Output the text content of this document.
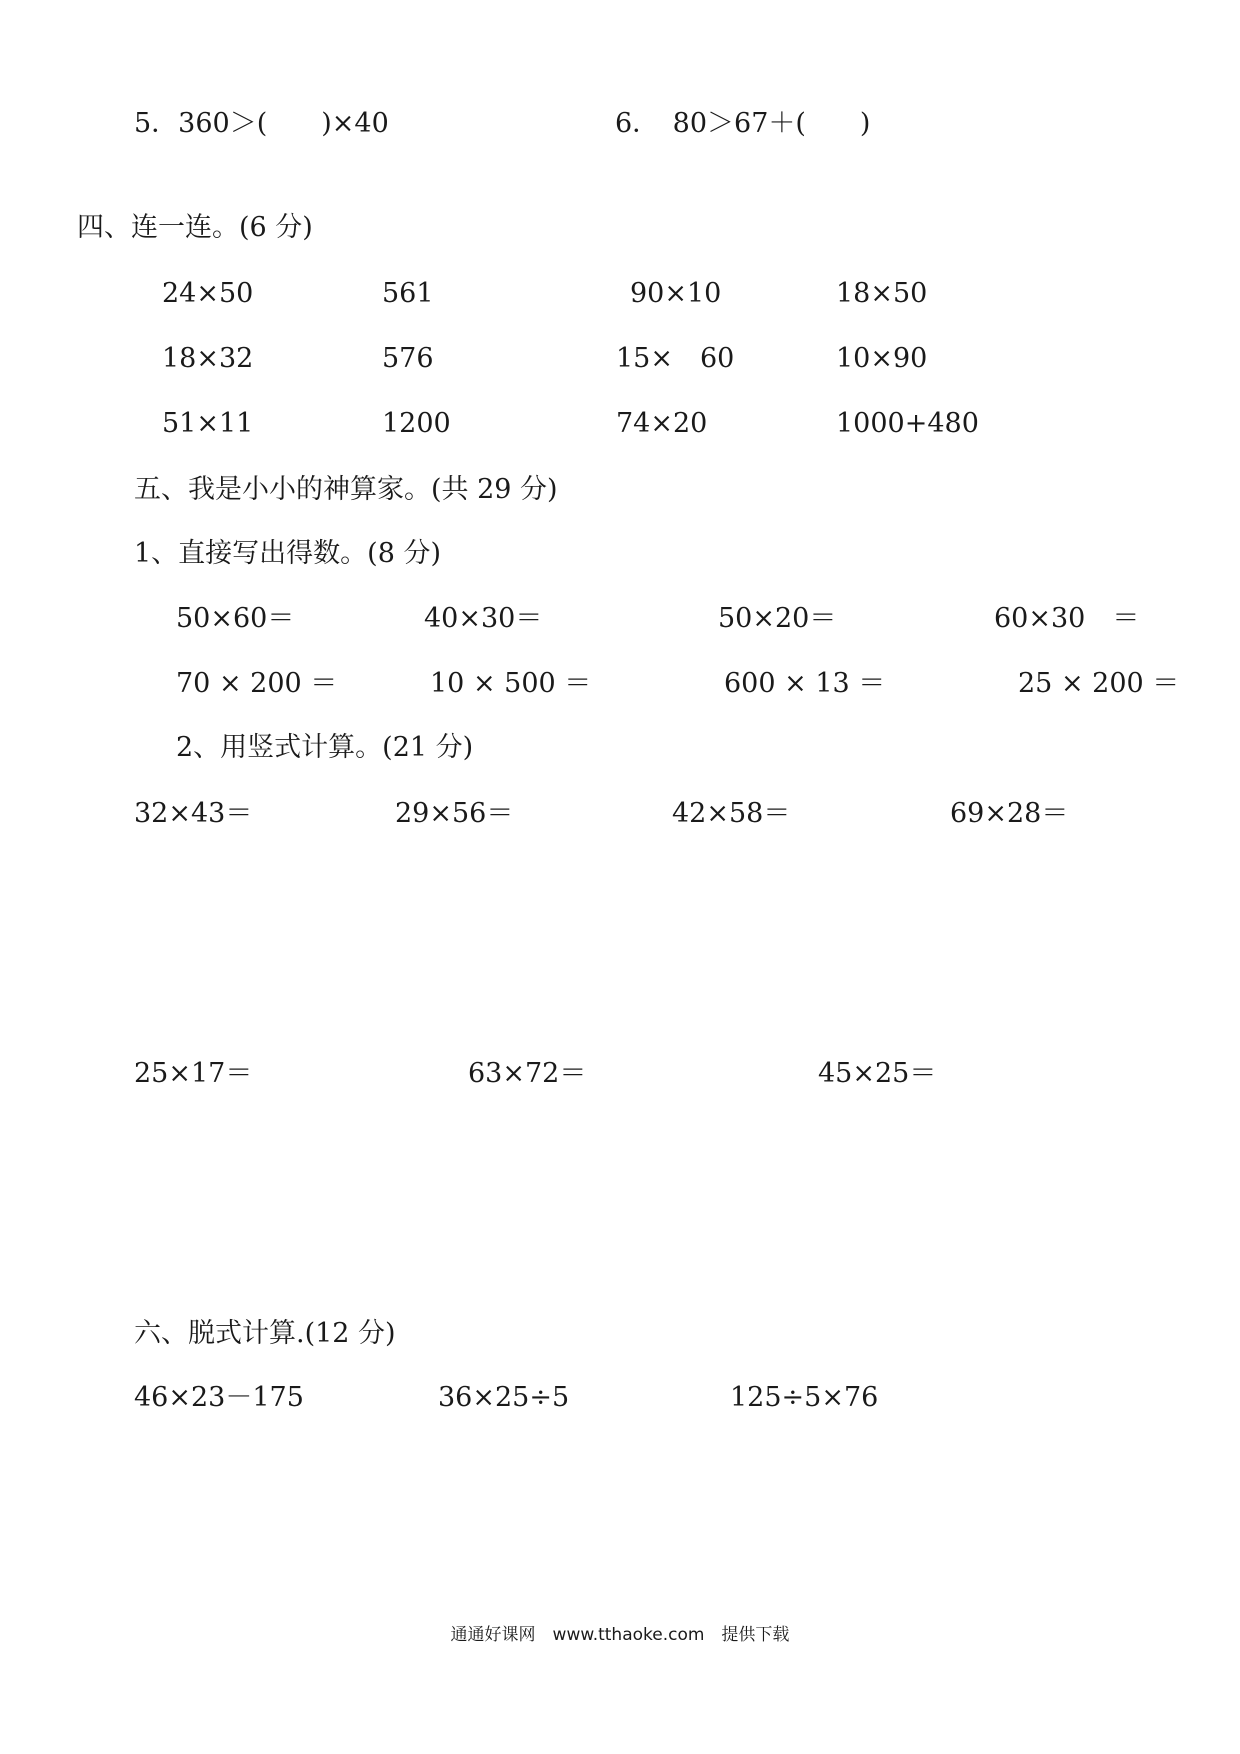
5．360＞(　　)×40	6．　80＞67＋(　　)
四、连一连。(6 分)
24×50	561	90×10	18×50
18×32	576	15×　60	10×90
51×11	1200	74×20	1000+480
五、我是小小的神算家。(共 29 分)
1、直接写出得数。(8 分)
50×60＝	40×30＝	50×20＝	60×30　＝
70 × 200 ＝	10 × 500 ＝	600 × 13 ＝	25 × 200 ＝
2、用竖式计算。(21 分)
32×43＝	29×56＝	42×58＝	69×28＝
25×17＝	63×72＝	45×25＝
六、脱式计算.(12 分)
46×23－175	36×25÷5	125÷5×76
通通好课网　www.tthaoke.com　提供下载
